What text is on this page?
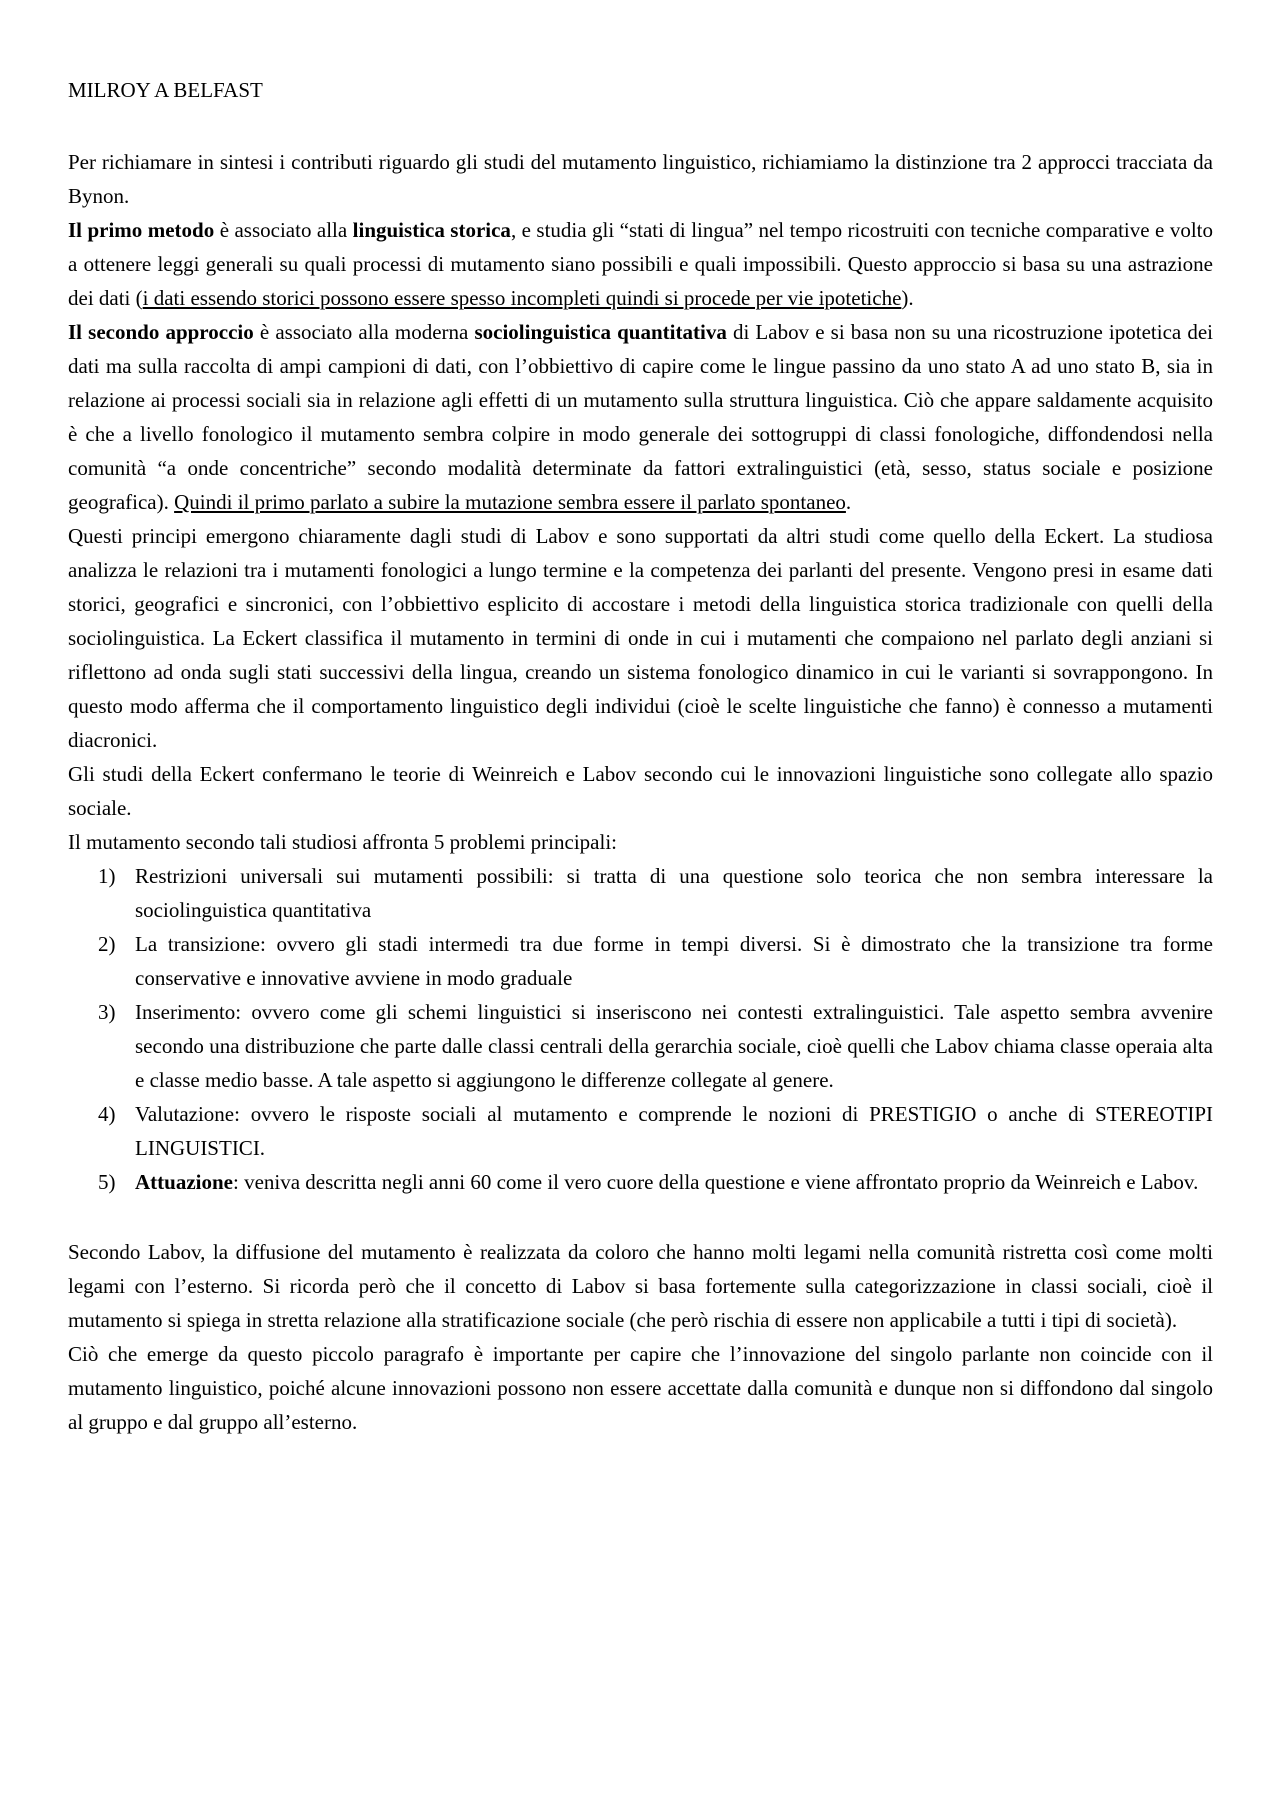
MILROY A BELFAST

Per richiamare in sintesi i contributi riguardo gli studi del mutamento linguistico, richiamiamo la distinzione tra 2 approcci tracciata da Bynon.

Il primo metodo è associato alla linguistica storica, e studia gli “stati di lingua” nel tempo ricostruiti con tecniche comparative e volto a ottenere leggi generali su quali processi di mutamento siano possibili e quali impossibili. Questo approccio si basa su una astrazione dei dati (i dati essendo storici possono essere spesso incompleti quindi si procede per vie ipotetiche).

Il secondo approccio è associato alla moderna sociolinguistica quantitativa di Labov e si basa non su una ricostruzione ipotetica dei dati ma sulla raccolta di ampi campioni di dati, con l’obbiettivo di capire come le lingue passino da uno stato A ad uno stato B, sia in relazione ai processi sociali sia in relazione agli effetti di un mutamento sulla struttura linguistica. Ciò che appare saldamente acquisito è che a livello fonologico il mutamento sembra colpire in modo generale dei sottogruppi di classi fonologiche, diffondendosi nella comunità “a onde concentriche” secondo modalità determinate da fattori extralinguistici (età, sesso, status sociale e posizione geografica). Quindi il primo parlato a subire la mutazione sembra essere il parlato spontaneo.

Questi principi emergono chiaramente dagli studi di Labov e sono supportati da altri studi come quello della Eckert. La studiosa analizza le relazioni tra i mutamenti fonologici a lungo termine e la competenza dei parlanti del presente. Vengono presi in esame dati storici, geografici e sincronici, con l’obbiettivo esplicito di accostare i metodi della linguistica storica tradizionale con quelli della sociolinguistica. La Eckert classifica il mutamento in termini di onde in cui i mutamenti che compaiono nel parlato degli anziani si riflettono ad onda sugli stati successivi della lingua, creando un sistema fonologico dinamico in cui le varianti si sovrappongono. In questo modo afferma che il comportamento linguistico degli individui (cioè le scelte linguistiche che fanno) è connesso a mutamenti diacronici.

Gli studi della Eckert confermano le teorie di Weinreich e Labov secondo cui le innovazioni linguistiche sono collegate allo spazio sociale.

Il mutamento secondo tali studiosi affronta 5 problemi principali:

1) Restrizioni universali sui mutamenti possibili: si tratta di una questione solo teorica che non sembra interessare la sociolinguistica quantitativa
2) La transizione: ovvero gli stadi intermedi tra due forme in tempi diversi. Si è dimostrato che la transizione tra forme conservative e innovative avviene in modo graduale
3) Inserimento: ovvero come gli schemi linguistici si inseriscono nei contesti extralinguistici. Tale aspetto sembra avvenire secondo una distribuzione che parte dalle classi centrali della gerarchia sociale, cioè quelli che Labov chiama classe operaia alta e classe medio basse. A tale aspetto si aggiungono le differenze collegate al genere.
4) Valutazione: ovvero le risposte sociali al mutamento e comprende le nozioni di PRESTIGIO o anche di STEREOTIPI LINGUISTICI.
5) Attuazione: veniva descritta negli anni 60 come il vero cuore della questione e viene affrontato proprio da Weinreich e Labov.

Secondo Labov, la diffusione del mutamento è realizzata da coloro che hanno molti legami nella comunità ristretta così come molti legami con l’esterno. Si ricorda però che il concetto di Labov si basa fortemente sulla categorizzazione in classi sociali, cioè il mutamento si spiega in stretta relazione alla stratificazione sociale (che però rischia di essere non applicabile a tutti i tipi di società).

Ciò che emerge da questo piccolo paragrafo è importante per capire che l’innovazione del singolo parlante non coincide con il mutamento linguistico, poiché alcune innovazioni possono non essere accettate dalla comunità e dunque non si diffondono dal singolo al gruppo e dal gruppo all’esterno.
